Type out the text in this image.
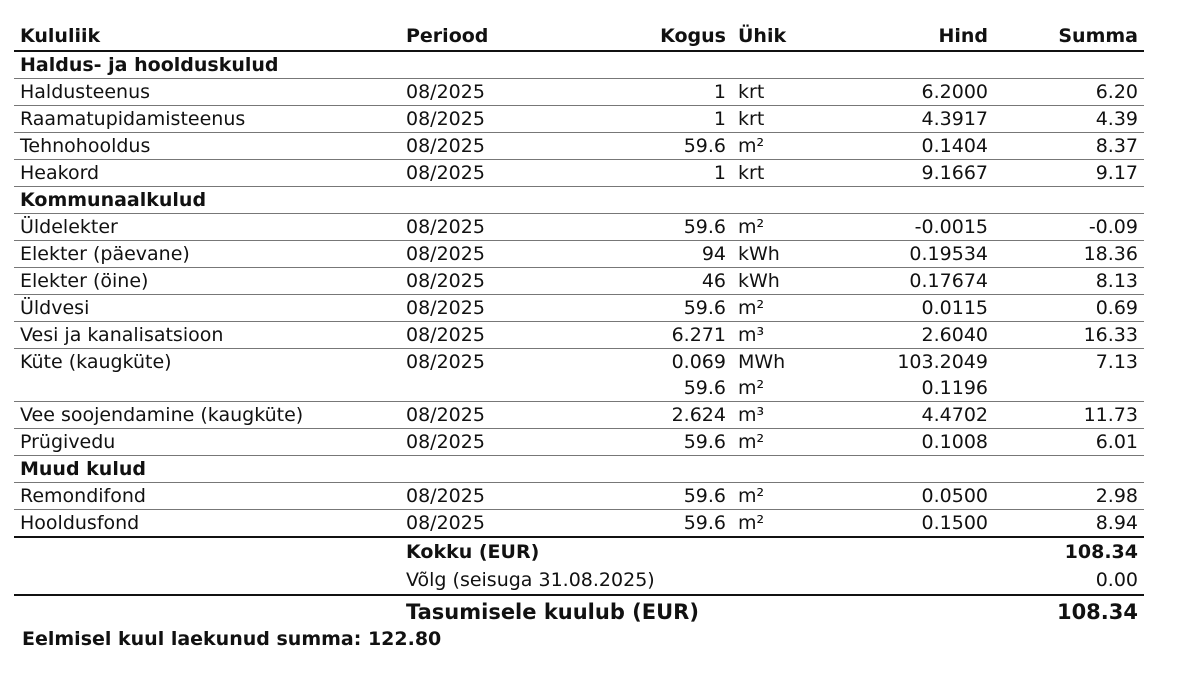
Kululiik	Periood	Kogus	Ühik	Hind	Summa
Haldus- ja hoolduskulud					
Haldusteenus	08/2025	1	krt	6.2000	6.20
Raamatupidamisteenus	08/2025	1	krt	4.3917	4.39
Tehnohooldus	08/2025	59.6	m²	0.1404	8.37
Heakord	08/2025	1	krt	9.1667	9.17
Kommunaalkulud					
Üldelekter	08/2025	59.6	m²	-0.0015	-0.09
Elekter (päevane)	08/2025	94	kWh	0.19534	18.36
Elekter (öine)	08/2025	46	kWh	0.17674	8.13
Üldvesi	08/2025	59.6	m²	0.0115	0.69
Vesi ja kanalisatsioon	08/2025	6.271	m³	2.6040	16.33
Küte (kaugküte)	08/2025	0.069	MWh	103.2049	7.13
		59.6	m²	0.1196	
Vee soojendamine (kaugküte)	08/2025	2.624	m³	4.4702	11.73
Prügivedu	08/2025	59.6	m²	0.1008	6.01
Muud kulud					
Remondifond	08/2025	59.6	m²	0.0500	2.98
Hooldusfond	08/2025	59.6	m²	0.1500	8.94
	Kokku (EUR)				108.34
	Võlg (seisuga 31.08.2025)				0.00
	Tasumisele kuulub (EUR)				108.34
Eelmisel kuul laekunud summa: 122.80
